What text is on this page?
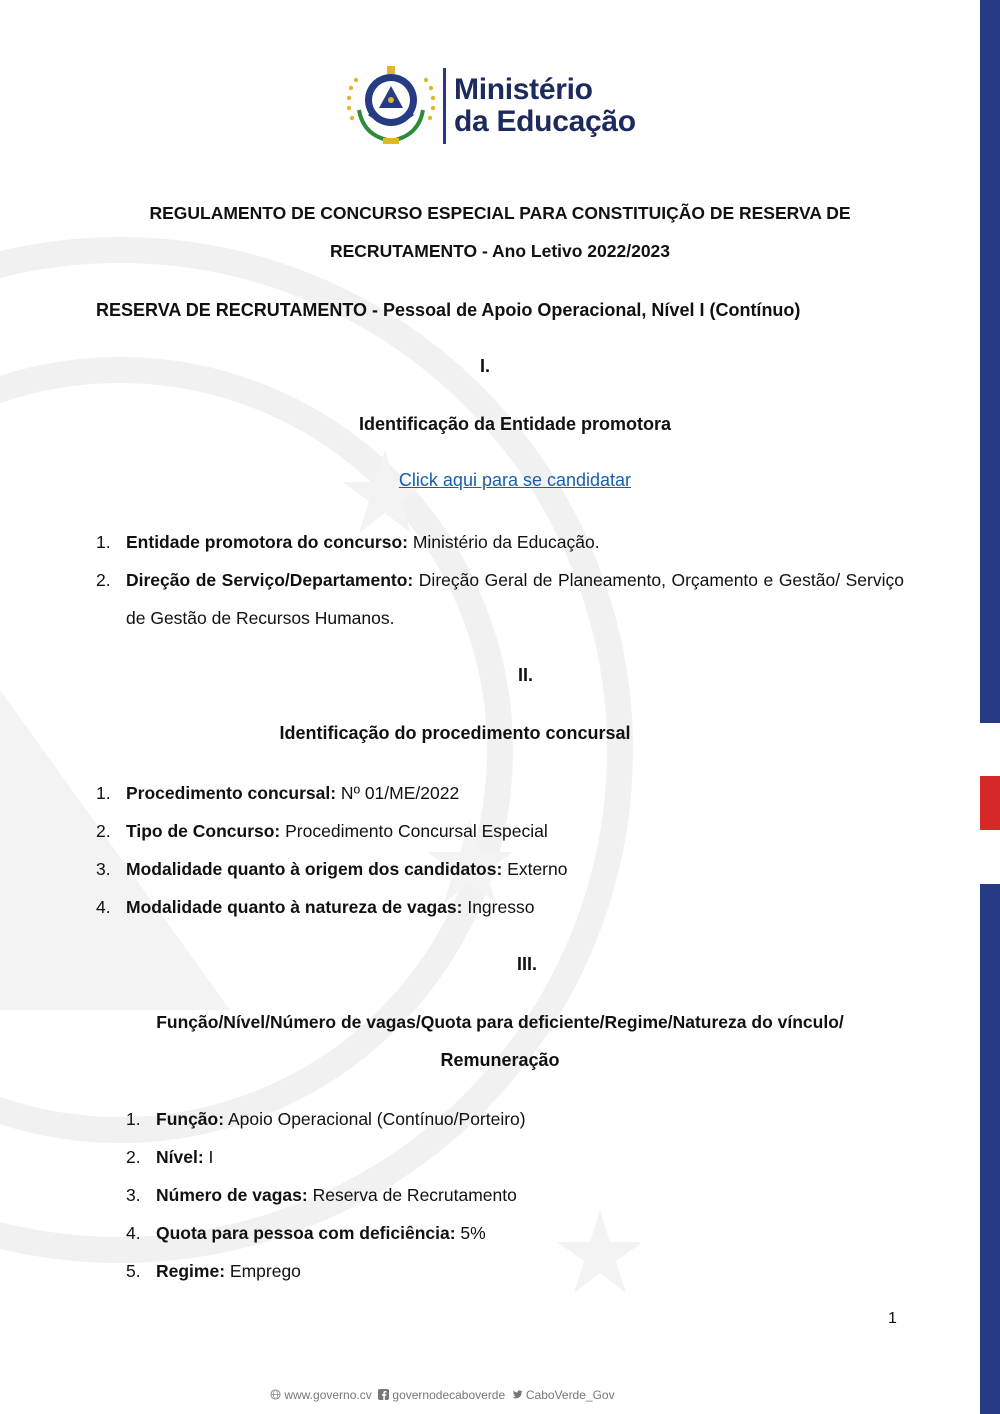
Ministério
da Educação
REGULAMENTO DE CONCURSO ESPECIAL PARA CONSTITUIÇÃO DE RESERVA DE
RECRUTAMENTO - Ano Letivo 2022/2023
RESERVA DE RECRUTAMENTO - Pessoal de Apoio Operacional, Nível I (Contínuo)
I.
Identificação da Entidade promotora
Click aqui para se candidatar
1. Entidade promotora do concurso: Ministério da Educação.
2. Direção de Serviço/Departamento: Direção Geral de Planeamento, Orçamento e Gestão/ Serviço de Gestão de Recursos Humanos.
II.
Identificação do procedimento concursal
1. Procedimento concursal: Nº 01/ME/2022
2. Tipo de Concurso: Procedimento Concursal Especial
3. Modalidade quanto à origem dos candidatos: Externo
4. Modalidade quanto à natureza de vagas: Ingresso
III.
Função/Nível/Número de vagas/Quota para deficiente/Regime/Natureza do vínculo/
Remuneração
1. Função: Apoio Operacional (Contínuo/Porteiro)
2. Nível: I
3. Número de vagas: Reserva de Recrutamento
4. Quota para pessoa com deficiência: 5%
5. Regime: Emprego
1
www.governo.cv governodecaboverde CaboVerde_Gov
